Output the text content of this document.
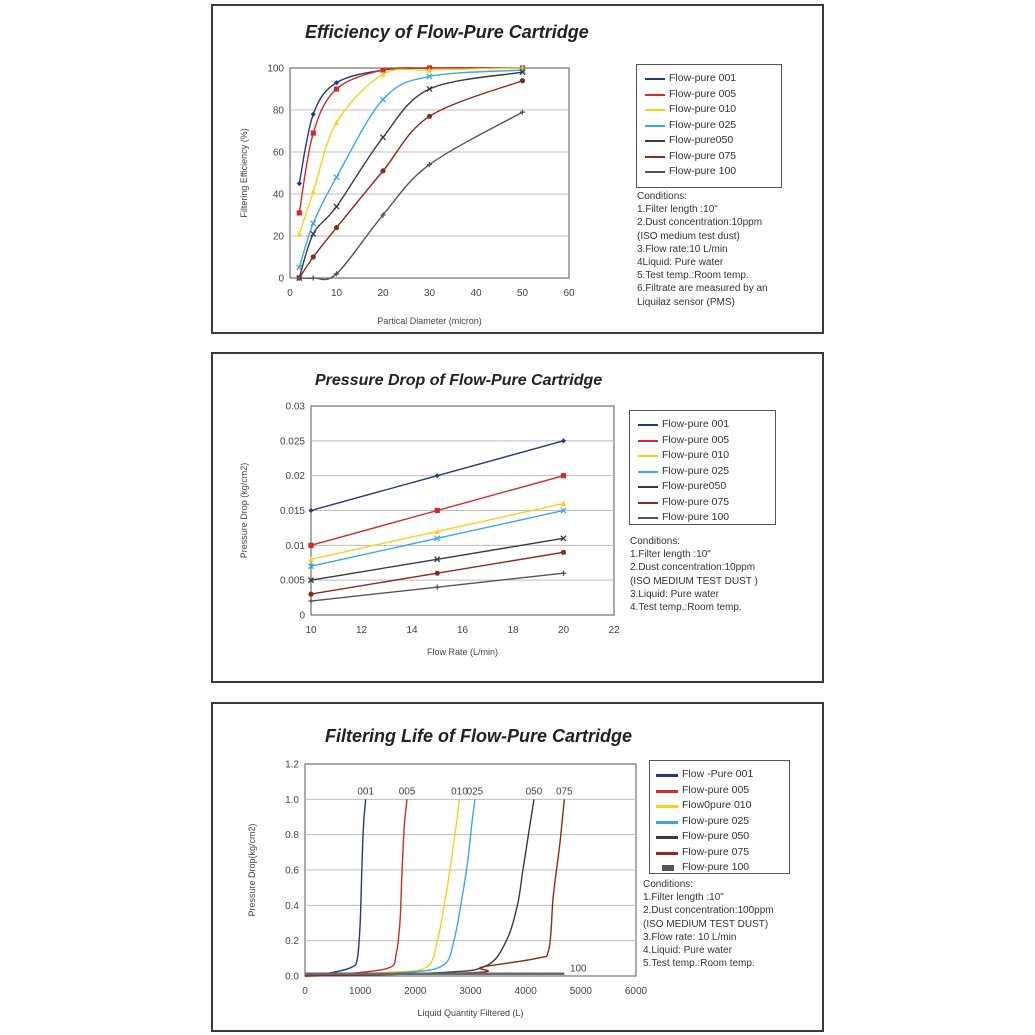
Efficiency of Flow-Pure Cartridge
0
20
40
60
80
100
0	10	20	30	40	50	60
Partical Diameter (micron)
Filtering Efficiency (%)
Flow-pure 001
Flow-pure 005
Flow-pure 010
Flow-pure 025
Flow-pure050
Flow-pure 075
Flow-pure 100
Conditions:
1.Filter length :10"
2.Dust concentration:10ppm
(ISO medium test dust)
3.Flow rate:10 L/min
4Liquid: Pure water
5.Test temp.:Room temp.
6.Filtrate are measured by an
Liquilaz sensor (PMS)
Pressure Drop of Flow-Pure Cartridge
0
0.005
0.01
0.015
0.02
0.025
0.03
10	12	14	16	18	20	22
Flow Rate (L/min)
Pressure Drop (kg/cm2)
Flow-pure 001
Flow-pure 005
Flow-pure 010
Flow-pure 025
Flow-pure050
Flow-pure 075
Flow-pure 100
Conditions:
1.Filter length :10"
2.Dust concentration:10ppm
(ISO MEDIUM TEST DUST )
3.Liquid: Pure water
4.Test temp.:Room temp.
Filtering Life of Flow-Pure Cartridge
0.0
0.2
0.4
0.6
0.8
1.0
1.2
0	1000	2000	3000	4000	5000	6000
Liquid Quantity Filtered (L)
Pressure Drop(kg/cm2)
001 005	010
025	050 075
100
Flow -Pure 001
Flow-pure 005
Flow0pure 010
Flow-pure 025
Flow-pure 050
Flow-pure 075
Flow-pure 100
Conditions:
1.Filter length :10"
2.Dust concentration:100ppm
(ISO MEDIUM TEST DUST)
3.Flow rate: 10 L/min
4.Liquid: Pure water
5.Test temp.:Room temp.
